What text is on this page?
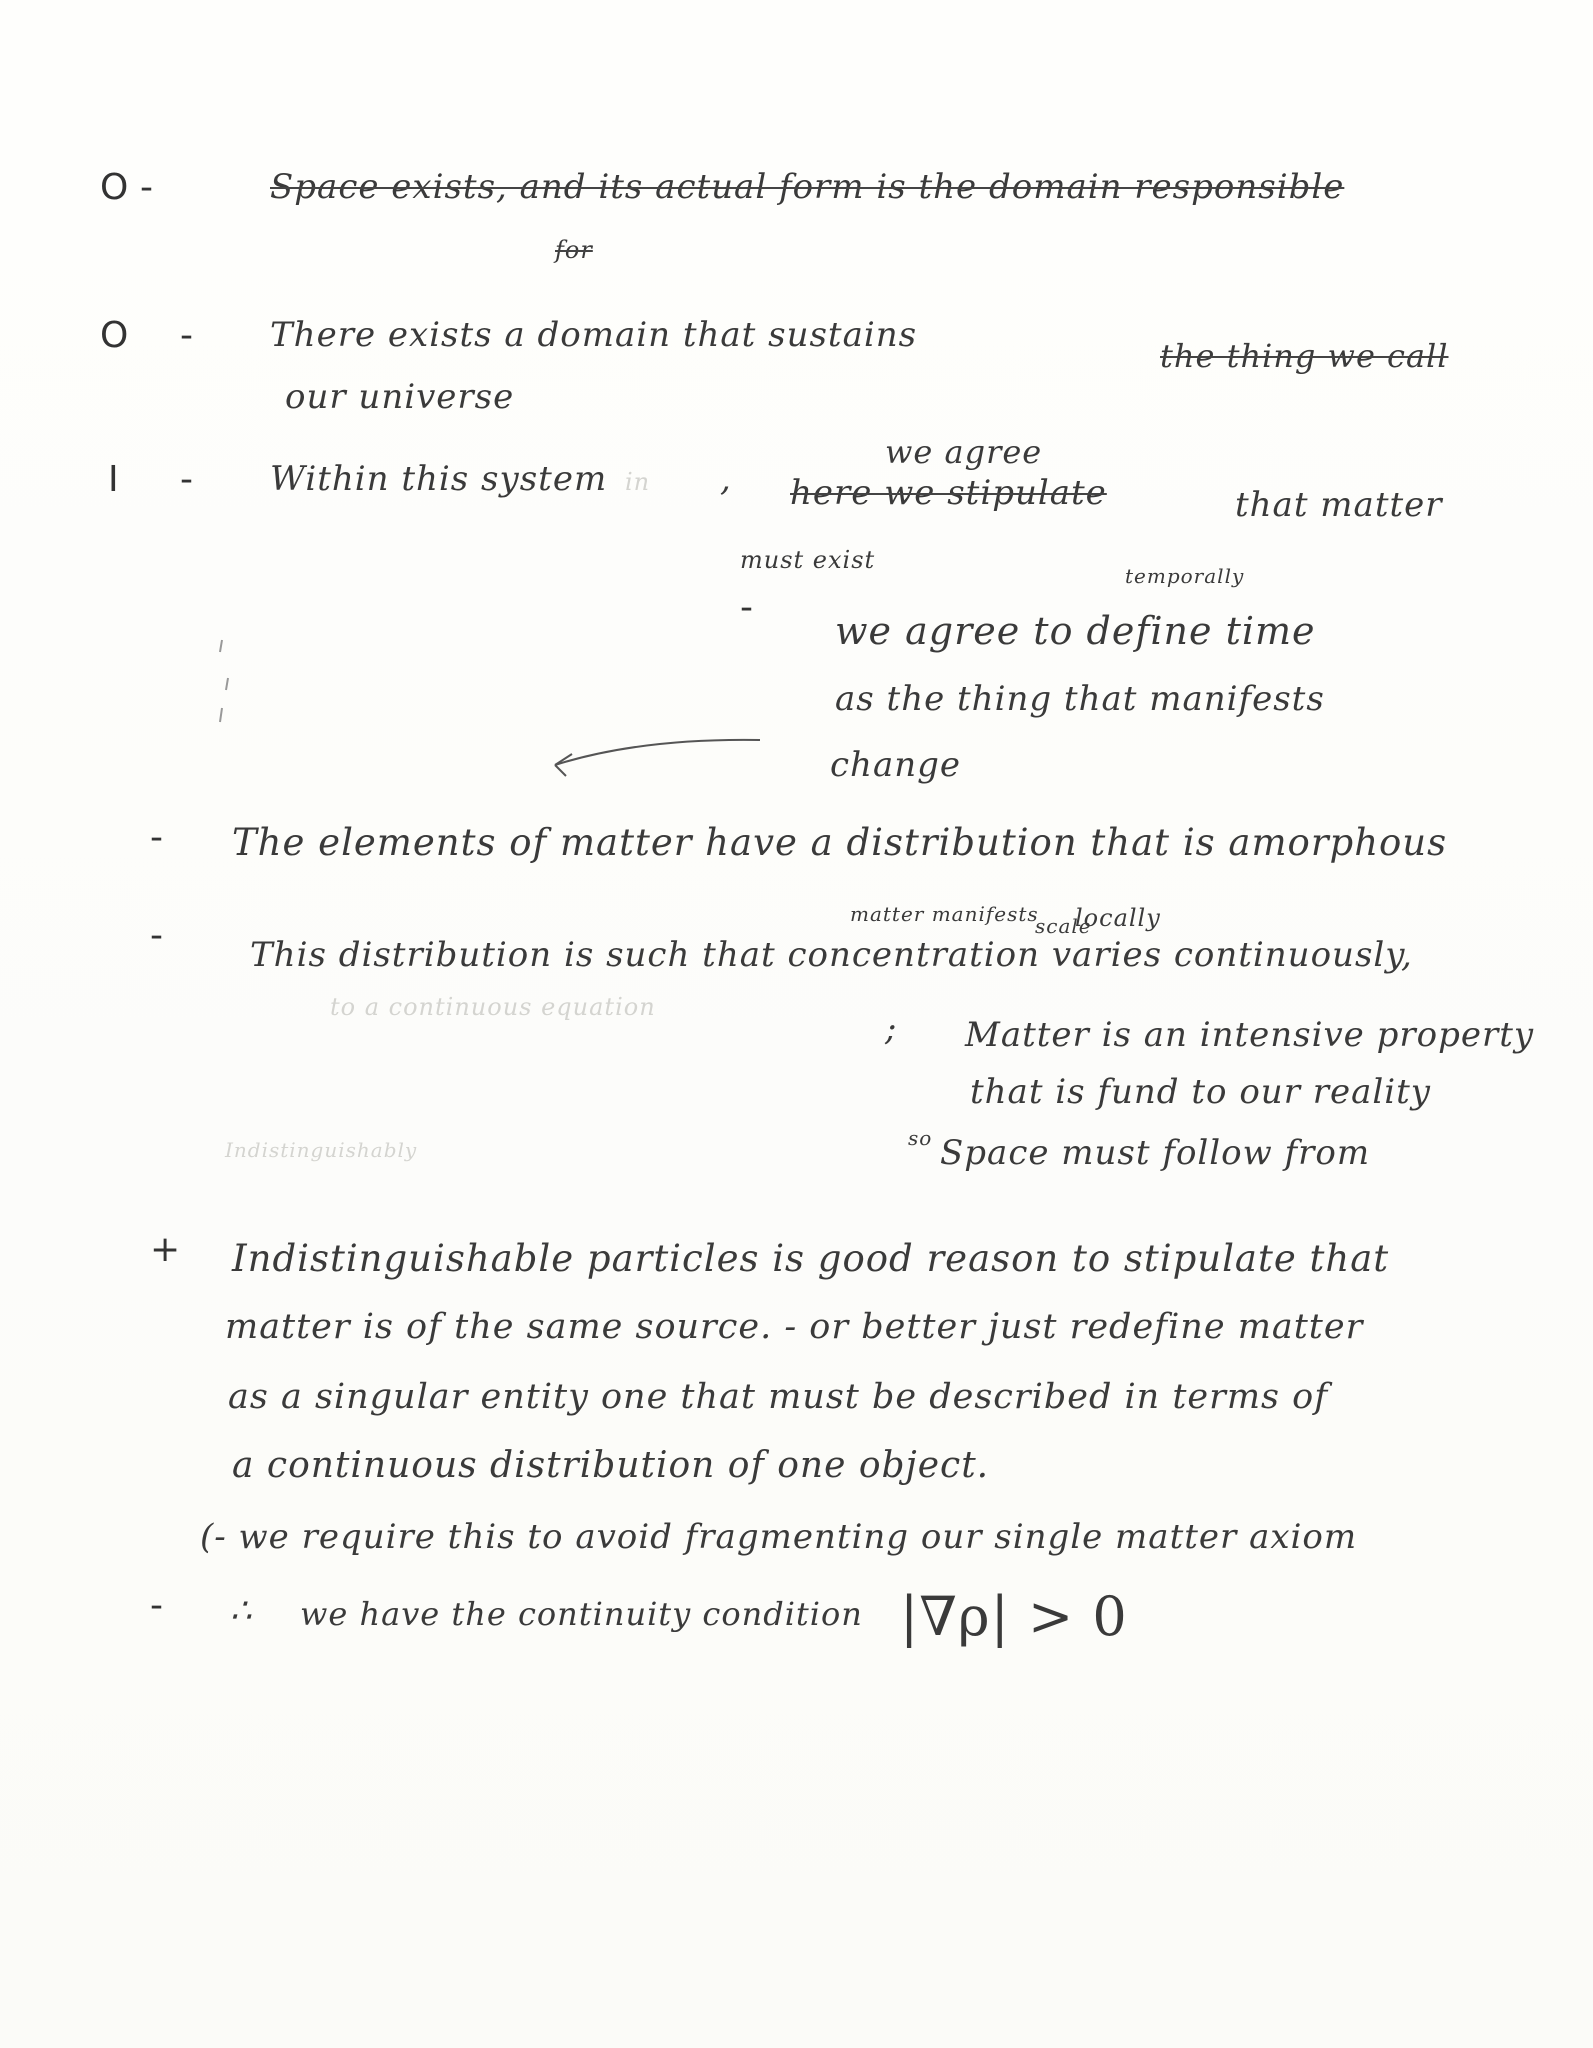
O -	Space exists, and its actual form is the domain responsible
for
O - There exists a domain that sustains
the thing we call
our universe
I - Within this system in ,
we agree
here we stipulate	that matter
must exist
-
temporally
we agree to define time
as the thing that manifests
change
- The elements of matter have a distribution that is amorphous
-
matter manifests
scale
locally
This distribution is such that concentration varies continuously,
to a continuous equation
; Matter is an intensive property
that is fund to our reality
so Space must follow from
Indistinguishably
+ Indistinguishable particles is good reason to stipulate that
matter is of the same source. - or better just redefine matter
as a singular entity one that must be described in terms of
a continuous distribution of one object.
(- we require this to avoid fragmenting our single matter axiom
- ∴ we have the continuity condition |∇ρ| > 0
